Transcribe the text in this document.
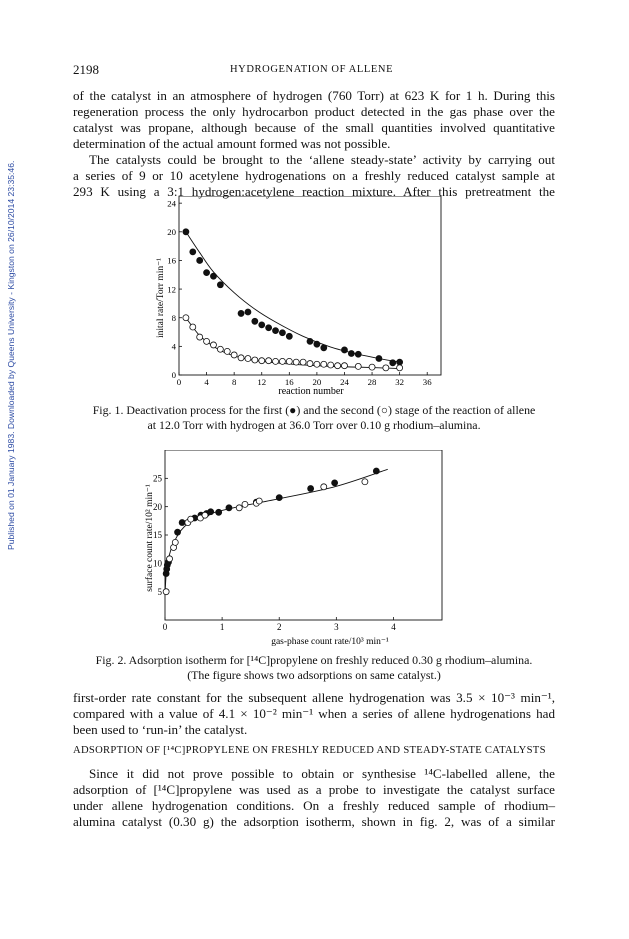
Published on 01 January 1983. Downloaded by Queens University - Kingston on 26/10/2014 23:35:46.
2198	HYDROGENATION OF ALLENE

of the catalyst in an atmosphere of hydrogen (760 Torr) at 623 K for 1 h. During this
regeneration process the only hydrocarbon product detected in the gas phase over the
catalyst was propane, although because of the small quantities involved quantitative
determination of the actual amount formed was not possible.

The catalysts could be brought to the ‘allene steady-state’ activity by carrying out
a series of 9 or 10 acetylene hydrogenations on a freshly reduced catalyst sample at
293 K using a 3:1 hydrogen:acetylene reaction mixture. After this pretreatment the

0	4	8 12 16 20 24 28 32 36
0
4
8
12
16
20
24
inital rate/Torr min⁻¹
reaction number

Fig. 1. Deactivation process for the first (●) and the second (○) stage of the reaction of allene
at 12.0 Torr with hydrogen at 36.0 Torr over 0.10 g rhodium–alumina.

0	1	2	3	4
5
10
15
20
25
surface count rate/10² min⁻¹
gas-phase count rate/10³ min⁻¹

Fig. 2. Adsorption isotherm for [¹⁴C]propylene on freshly reduced 0.30 g rhodium–alumina.
(The figure shows two adsorptions on same catalyst.)

first-order rate constant for the subsequent allene hydrogenation was 3.5 × 10⁻³ min⁻¹,
compared with a value of 4.1 × 10⁻² min⁻¹ when a series of allene hydrogenations had
been used to ‘run-in’ the catalyst.

ADSORPTION OF [¹⁴C]PROPYLENE ON FRESHLY REDUCED AND STEADY-STATE CATALYSTS

Since it did not prove possible to obtain or synthesise ¹⁴C-labelled allene, the
adsorption of [¹⁴C]propylene was used as a probe to investigate the catalyst surface
under allene hydrogenation conditions. On a freshly reduced sample of rhodium–
alumina catalyst (0.30 g) the adsorption isotherm, shown in fig. 2, was of a similar
